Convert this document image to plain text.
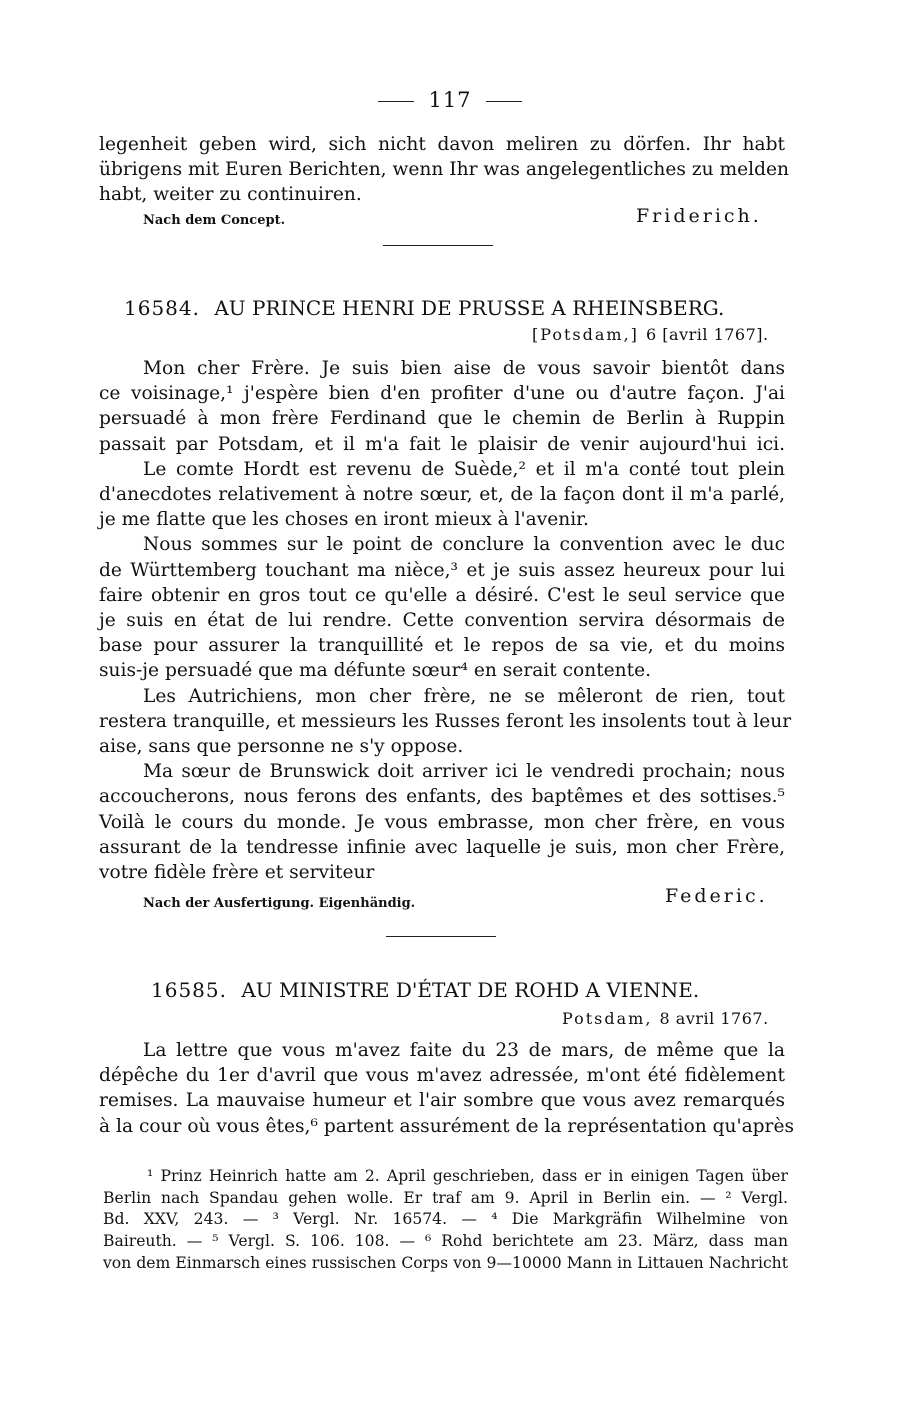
117
legenheit geben wird, sich nicht davon meliren zu dörfen. Ihr habt
übrigens mit Euren Berichten, wenn Ihr was angelegentliches zu melden
habt, weiter zu continuiren.
Nach dem Concept.	Friderich.
16584. AU PRINCE HENRI DE PRUSSE A RHEINSBERG.
[Potsdam,] 6 [avril 1767].
Mon cher Frère. Je suis bien aise de vous savoir bientôt dans
ce voisinage,¹ j'espère bien d'en profiter d'une ou d'autre façon. J'ai
persuadé à mon frère Ferdinand que le chemin de Berlin à Ruppin
passait par Potsdam, et il m'a fait le plaisir de venir aujourd'hui ici.
Le comte Hordt est revenu de Suède,² et il m'a conté tout plein
d'anecdotes relativement à notre sœur, et, de la façon dont il m'a parlé,
je me flatte que les choses en iront mieux à l'avenir.
Nous sommes sur le point de conclure la convention avec le duc
de Württemberg touchant ma nièce,³ et je suis assez heureux pour lui
faire obtenir en gros tout ce qu'elle a désiré. C'est le seul service que
je suis en état de lui rendre. Cette convention servira désormais de
base pour assurer la tranquillité et le repos de sa vie, et du moins
suis-je persuadé que ma défunte sœur⁴ en serait contente.
Les Autrichiens, mon cher frère, ne se mêleront de rien, tout
restera tranquille, et messieurs les Russes feront les insolents tout à leur
aise, sans que personne ne s'y oppose.
Ma sœur de Brunswick doit arriver ici le vendredi prochain; nous
accoucherons, nous ferons des enfants, des baptêmes et des sottises.⁵
Voilà le cours du monde. Je vous embrasse, mon cher frère, en vous
assurant de la tendresse infinie avec laquelle je suis, mon cher Frère,
votre fidèle frère et serviteur
Nach der Ausfertigung. Eigenhändig.	Federic.
16585. AU MINISTRE D'ÉTAT DE ROHD A VIENNE.
Potsdam, 8 avril 1767.
La lettre que vous m'avez faite du 23 de mars, de même que la
dépêche du 1er d'avril que vous m'avez adressée, m'ont été fidèlement
remises. La mauvaise humeur et l'air sombre que vous avez remarqués
à la cour où vous êtes,⁶ partent assurément de la représentation qu'après
¹ Prinz Heinrich hatte am 2. April geschrieben, dass er in einigen Tagen über
Berlin nach Spandau gehen wolle. Er traf am 9. April in Berlin ein. — ² Vergl.
Bd. XXV, 243. — ³ Vergl. Nr. 16574. — ⁴ Die Markgräfin Wilhelmine von
Baireuth. — ⁵ Vergl. S. 106. 108. — ⁶ Rohd berichtete am 23. März, dass man
von dem Einmarsch eines russischen Corps von 9—10000 Mann in Littauen Nachricht
